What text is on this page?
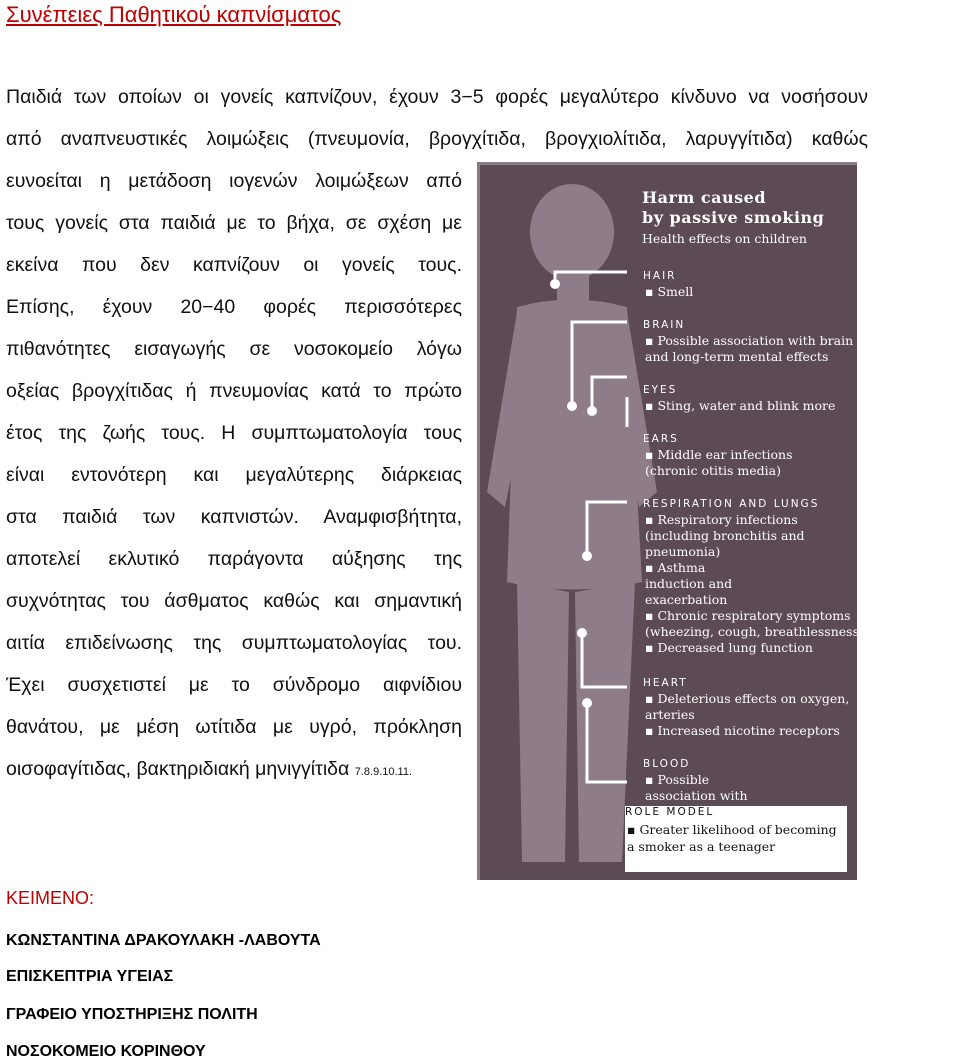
Συνέπειες Παθητικού καπνίσματος
Παιδιά των οποίων οι γονείς καπνίζουν, έχουν 3−5 φορές μεγαλύτερο κίνδυνο να νοσήσουν
από αναπνευστικές λοιμώξεις (πνευμονία, βρογχίτιδα, βρογχιολίτιδα, λαρυγγίτιδα) καθώς
ευνοείται η μετάδοση ιογενών λοιμώξεων από
τους γονείς στα παιδιά με το βήχα, σε σχέση με
εκείνα που δεν καπνίζουν οι γονείς τους.
Επίσης, έχουν 20−40 φορές περισσότερες
πιθανότητες εισαγωγής σε νοσοκομείο λόγω
οξείας βρογχίτιδας ή πνευμονίας κατά το πρώτο
έτος της ζωής τους. Η συμπτωματολογία τους
είναι εντονότερη και μεγαλύτερης διάρκειας
στα παιδιά των καπνιστών. Αναμφισβήτητα,
αποτελεί εκλυτικό παράγοντα αύξησης της
συχνότητας του άσθματος καθώς και σημαντική
αιτία επιδείνωσης της συμπτωματολογίας του.
Έχει συσχετιστεί με το σύνδρομο αιφνίδιου
θανάτου, με μέση ωτίτιδα με υγρό, πρόκληση
οισοφαγίτιδας, βακτηριδιακή μηνιγγίτιδα 7.8.9.10.11.
Harm caused
by passive smoking
Health effects on children
HAIR
▪ Smell
BRAIN
▪ Possible association with brain tumours
and long-term mental effects
EYES
▪ Sting, water and blink more
EARS
▪ Middle ear infections
(chronic otitis media)
RESPIRATION AND LUNGS
▪ Respiratory infections
(including bronchitis and
pneumonia)
▪ Asthma
induction and
exacerbation
▪ Chronic respiratory symptoms
(wheezing, cough, breathlessness)
▪ Decreased lung function
HEART
▪ Deleterious effects on oxygen,
arteries
▪ Increased nicotine receptors
BLOOD
▪ Possible
association with
ROLE MODEL
▪ Greater likelihood of becoming
a smoker as a teenager
20
ΚΕΙΜΕΝΟ:
ΚΩΝΣΤΑΝΤΙΝΑ ΔΡΑΚΟΥΛΑΚΗ -ΛΑΒΟΥΤΑ
ΕΠΙΣΚΕΠΤΡΙΑ ΥΓΕΙΑΣ
ΓΡΑΦΕΙΟ ΥΠΟΣΤΗΡΙΞΗΣ ΠΟΛΙΤΗ
ΝΟΣΟΚΟΜΕΙΟ ΚΟΡΙΝΘΟΥ
